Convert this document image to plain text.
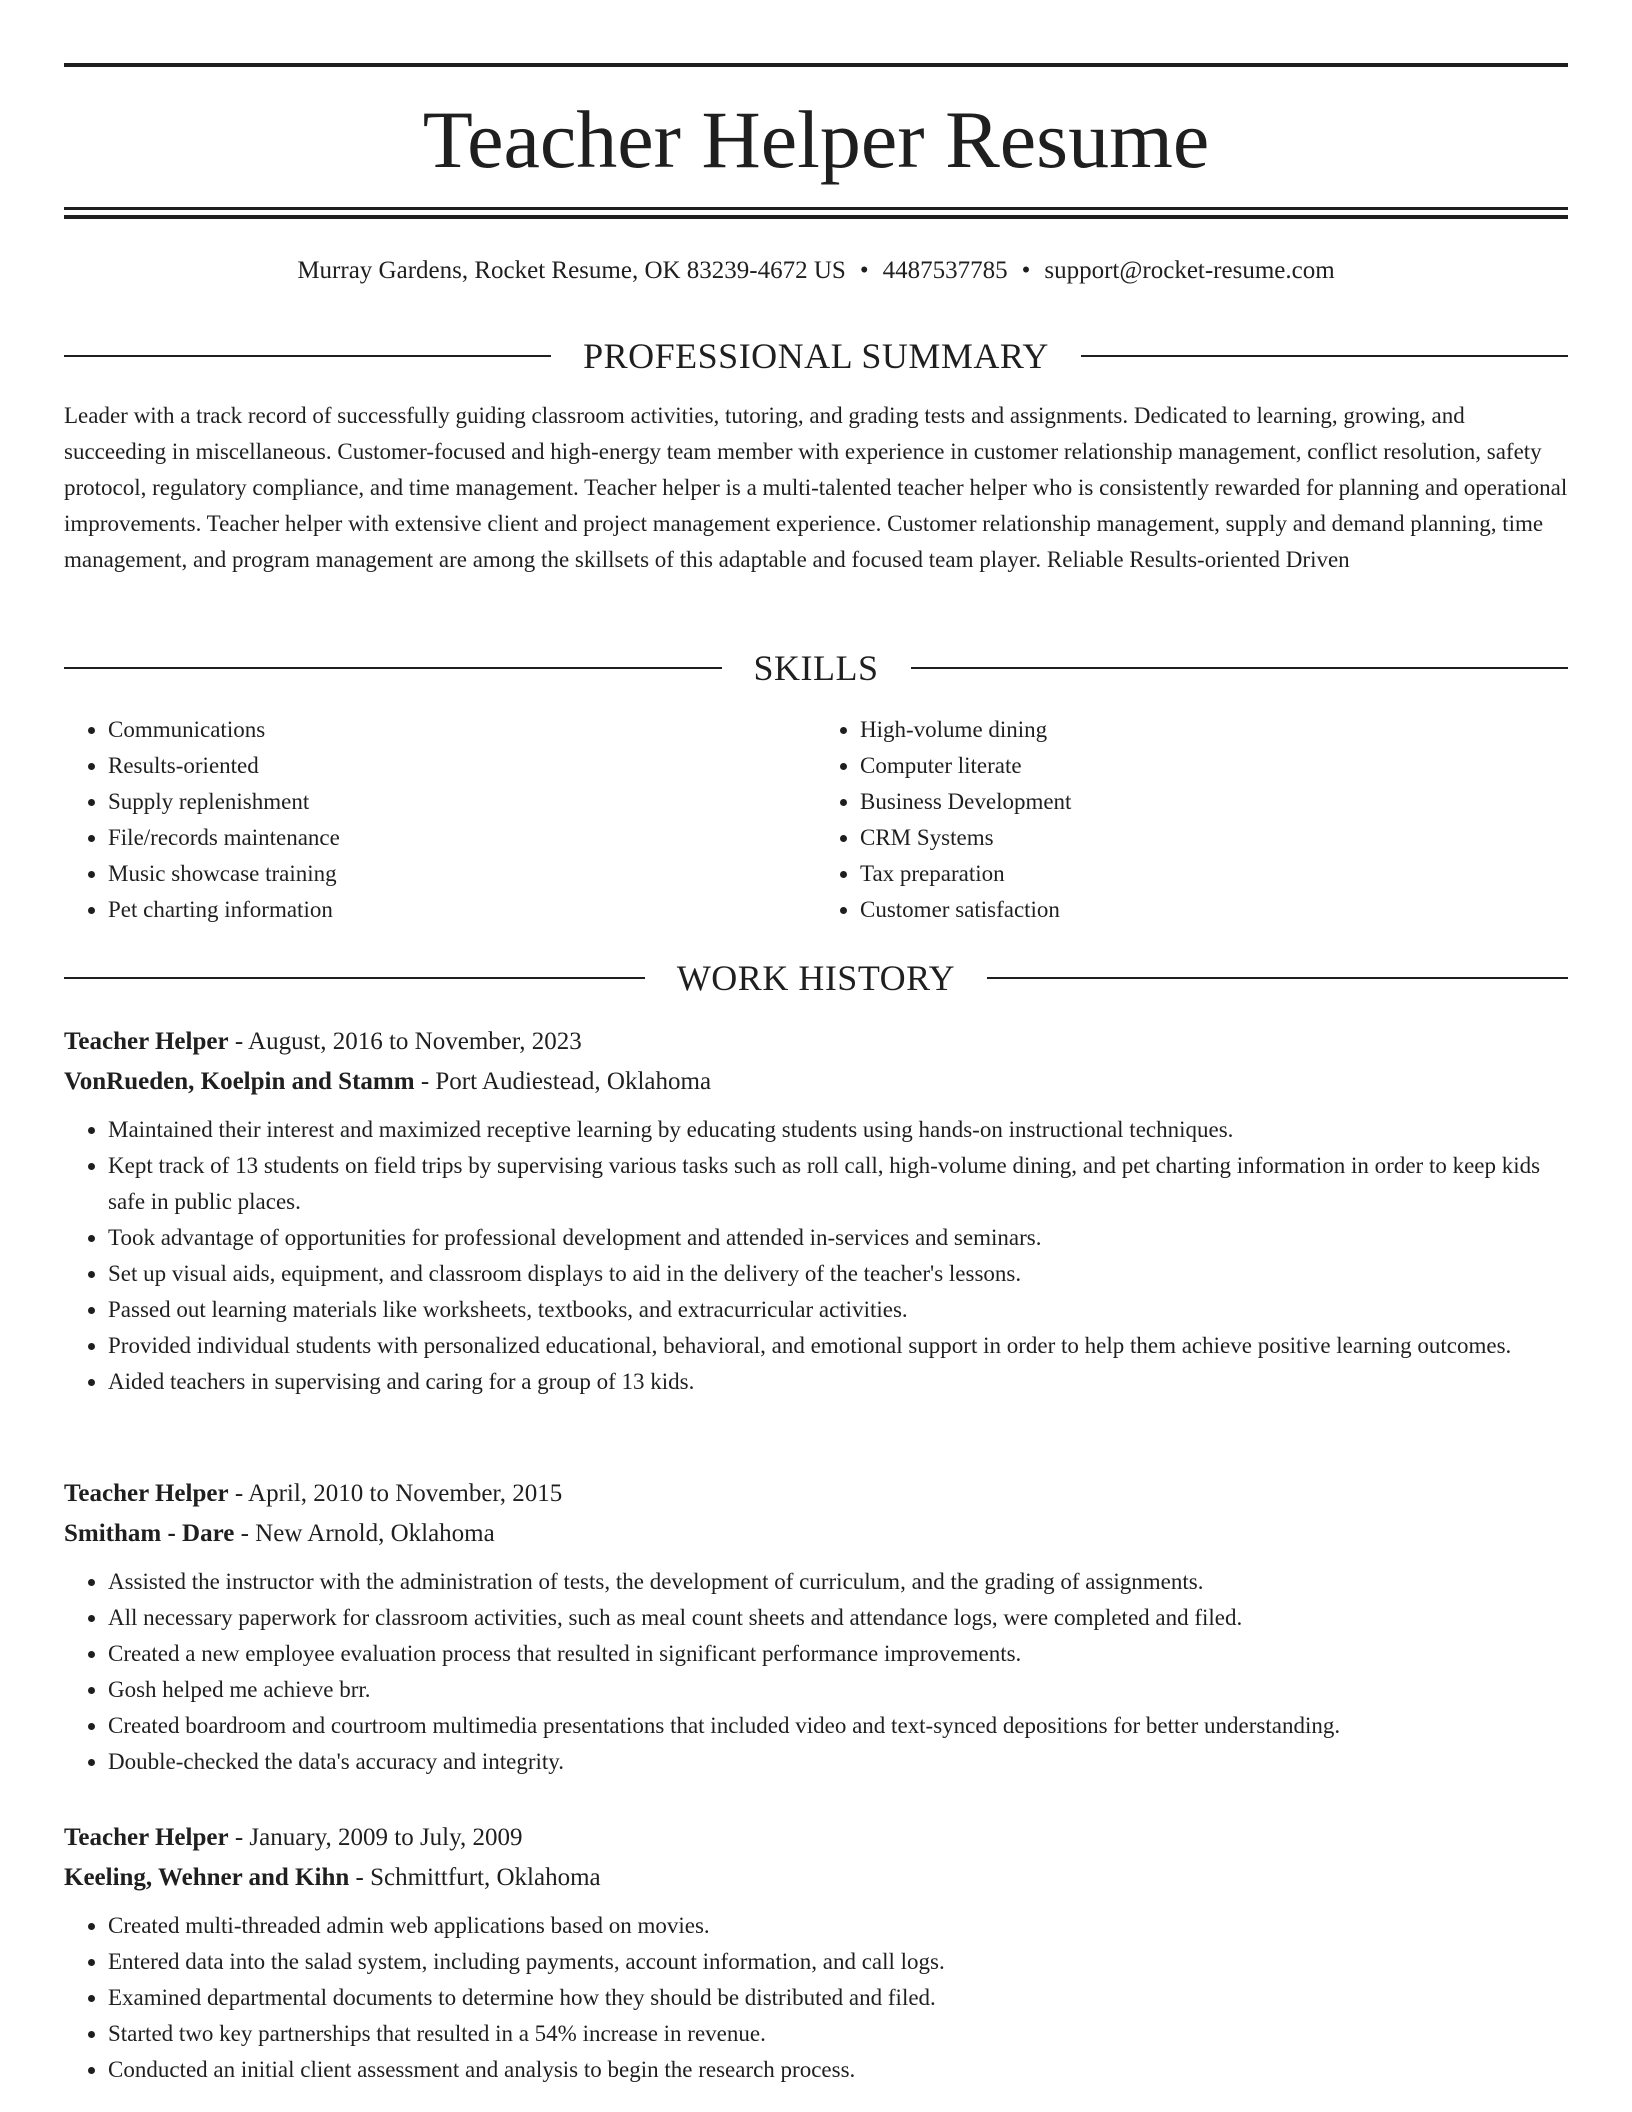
Teacher Helper Resume
Murray Gardens, Rocket Resume, OK 83239-4672 US • 4487537785 • support@rocket-resume.com
PROFESSIONAL SUMMARY

Leader with a track record of successfully guiding classroom activities, tutoring, and grading tests and assignments. Dedicated to learning, growing, and succeeding in miscellaneous. Customer-focused and high-energy team member with experience in customer relationship management, conflict resolution, safety protocol, regulatory compliance, and time management. Teacher helper is a multi-talented teacher helper who is consistently rewarded for planning and operational improvements. Teacher helper with extensive client and project management experience. Customer relationship management, supply and demand planning, time management, and program management are among the skillsets of this adaptable and focused team player. Reliable Results-oriented Driven

SKILLS
• Communications
• Results-oriented
• Supply replenishment
• File/records maintenance
• Music showcase training
• Pet charting information
• High-volume dining
• Computer literate
• Business Development
• CRM Systems
• Tax preparation
• Customer satisfaction
WORK HISTORY
Teacher Helper - August, 2016 to November, 2023
VonRueden, Koelpin and Stamm - Port Audiestead, Oklahoma
• Maintained their interest and maximized receptive learning by educating students using hands-on instructional techniques.
• Kept track of 13 students on field trips by supervising various tasks such as roll call, high-volume dining, and pet charting information in order to keep kids safe in public places.
• Took advantage of opportunities for professional development and attended in-services and seminars.
• Set up visual aids, equipment, and classroom displays to aid in the delivery of the teacher's lessons.
• Passed out learning materials like worksheets, textbooks, and extracurricular activities.
• Provided individual students with personalized educational, behavioral, and emotional support in order to help them achieve positive learning outcomes.
• Aided teachers in supervising and caring for a group of 13 kids.
Teacher Helper - April, 2010 to November, 2015
Smitham - Dare - New Arnold, Oklahoma
• Assisted the instructor with the administration of tests, the development of curriculum, and the grading of assignments.
• All necessary paperwork for classroom activities, such as meal count sheets and attendance logs, were completed and filed.
• Created a new employee evaluation process that resulted in significant performance improvements.
• Gosh helped me achieve brr.
• Created boardroom and courtroom multimedia presentations that included video and text-synced depositions for better understanding.
• Double-checked the data's accuracy and integrity.
Teacher Helper - January, 2009 to July, 2009
Keeling, Wehner and Kihn - Schmittfurt, Oklahoma
• Created multi-threaded admin web applications based on movies.
• Entered data into the salad system, including payments, account information, and call logs.
• Examined departmental documents to determine how they should be distributed and filed.
• Started two key partnerships that resulted in a 54% increase in revenue.
• Conducted an initial client assessment and analysis to begin the research process.
